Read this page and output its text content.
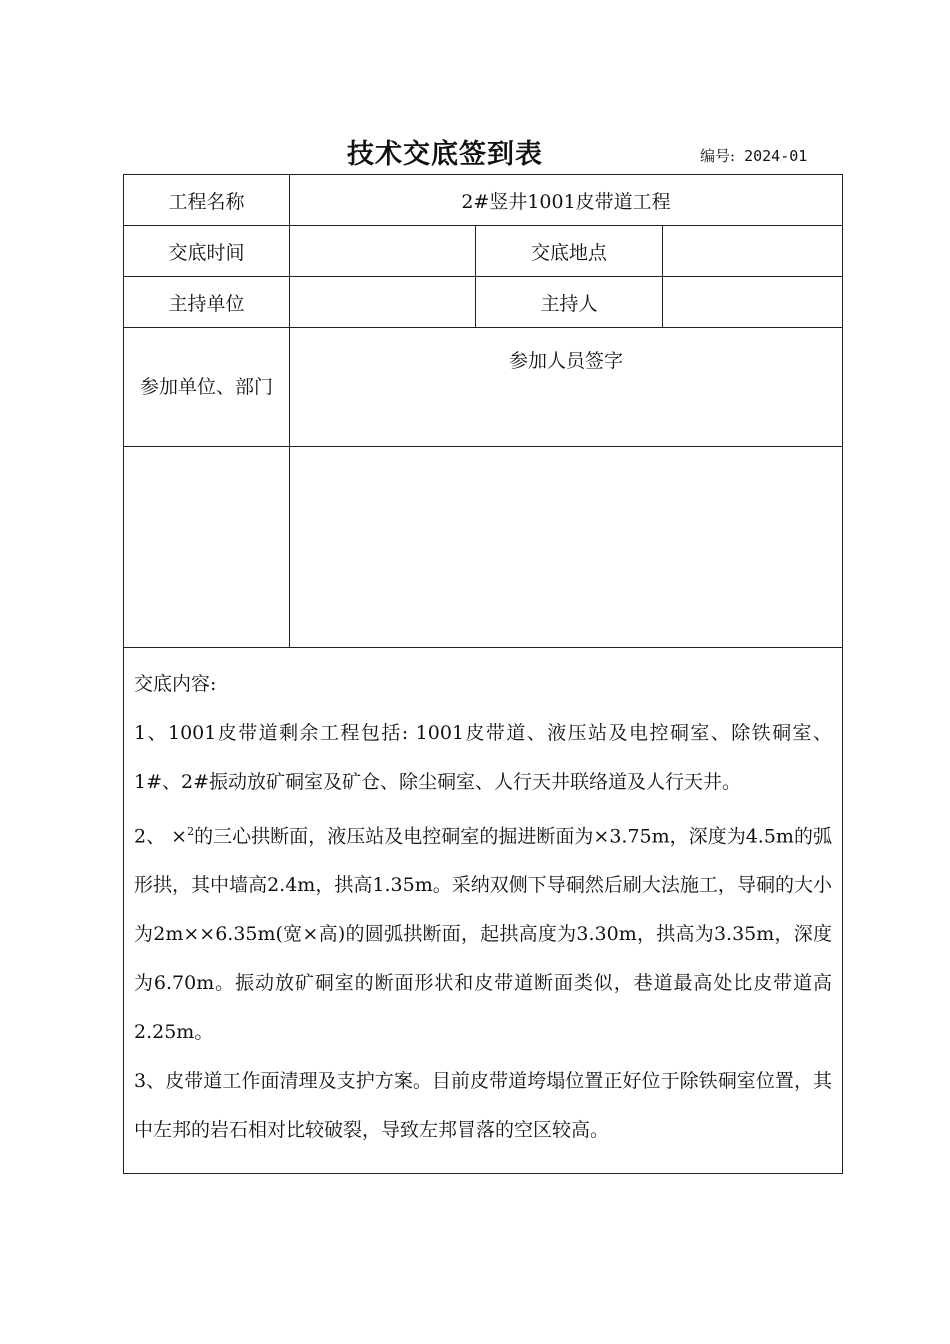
技术交底签到表	编号: 2024-01
工程名称	2#竖井1001皮带道工程		
交底时间		交底地点	
主持单位		主持人	
参加单位、部门	参加人员签字		

交底内容:

1、1001皮带道剩余工程包括: 1001皮带道、液压站及电控硐室、除铁硐室、1#、2#振动放矿硐室及矿仓、除尘硐室、人行天井联络道及人行天井。

2、 ×$^2$的三心拱断面，液压站及电控硐室的掘进断面为×3.75m，深度为4.5m的弧形拱，其中墙高2.4m，拱高1.35m。采纳双侧下导硐然后刷大法施工，导硐的大小为2m××6.35m(宽×高)的圆弧拱断面，起拱高度为3.30m，拱高为3.35m，深度为6.70m。振动放矿硐室的断面形状和皮带道断面类似，巷道最高处比皮带道高2.25m。

3、皮带道工作面清理及支护方案。目前皮带道垮塌位置正好位于除铁硐室位置，其中左邦的岩石相对比较破裂，导致左邦冒落的空区较高。			
